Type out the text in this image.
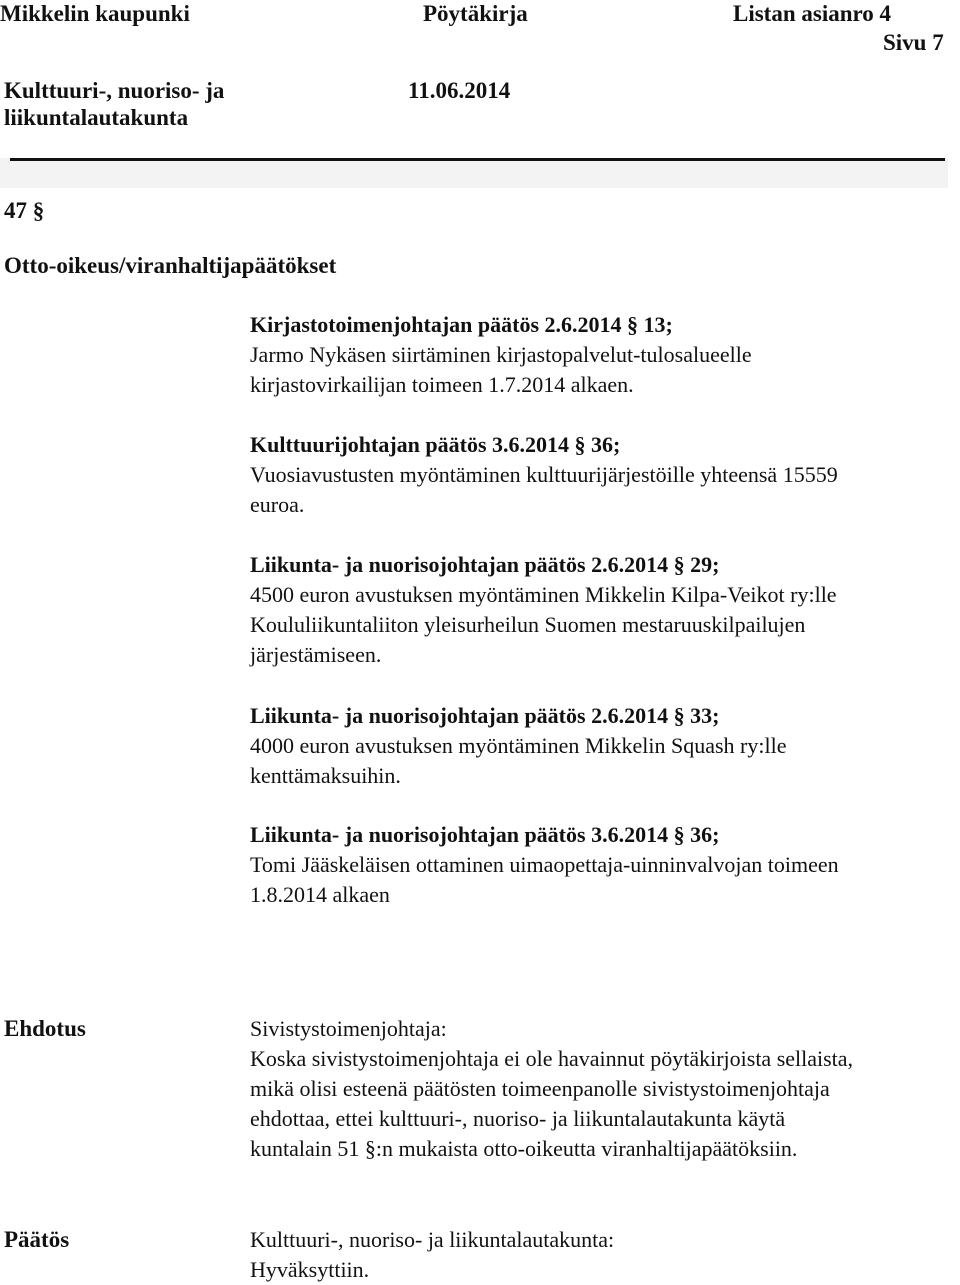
Mikkelin kaupunki	Pöytäkirja	Listan asianro 4
Sivu 7
Kulttuuri-, nuoriso- ja
liikuntalautakunta
11.06.2014
47 §
Otto-oikeus/viranhaltijapäätökset
Kirjastotoimenjohtajan päätös 2.6.2014 § 13;
Jarmo Nykäsen siirtäminen kirjastopalvelut-tulosalueelle
kirjastovirkailijan toimeen 1.7.2014 alkaen.
Kulttuurijohtajan päätös 3.6.2014 § 36;
Vuosiavustusten myöntäminen kulttuurijärjestöille yhteensä 15559
euroa.
Liikunta- ja nuorisojohtajan päätös 2.6.2014 § 29;
4500 euron avustuksen myöntäminen Mikkelin Kilpa-Veikot ry:lle
Koululiikuntaliiton yleisurheilun Suomen mestaruuskilpailujen
järjestämiseen.
Liikunta- ja nuorisojohtajan päätös 2.6.2014 § 33;
4000 euron avustuksen myöntäminen Mikkelin Squash ry:lle
kenttämaksuihin.
Liikunta- ja nuorisojohtajan päätös 3.6.2014 § 36;
Tomi Jääskeläisen ottaminen uimaopettaja-uinninvalvojan toimeen
1.8.2014 alkaen
Ehdotus	Sivistystoimenjohtaja:
Koska sivistystoimenjohtaja ei ole havainnut pöytäkirjoista sellaista,
mikä olisi esteenä päätösten toimeenpanolle sivistystoimenjohtaja
ehdottaa, ettei kulttuuri-, nuoriso- ja liikuntalautakunta käytä
kuntalain 51 §:n mukaista otto-oikeutta viranhaltijapäätöksiin.
Päätös	Kulttuuri-, nuoriso- ja liikuntalautakunta:
Hyväksyttiin.
